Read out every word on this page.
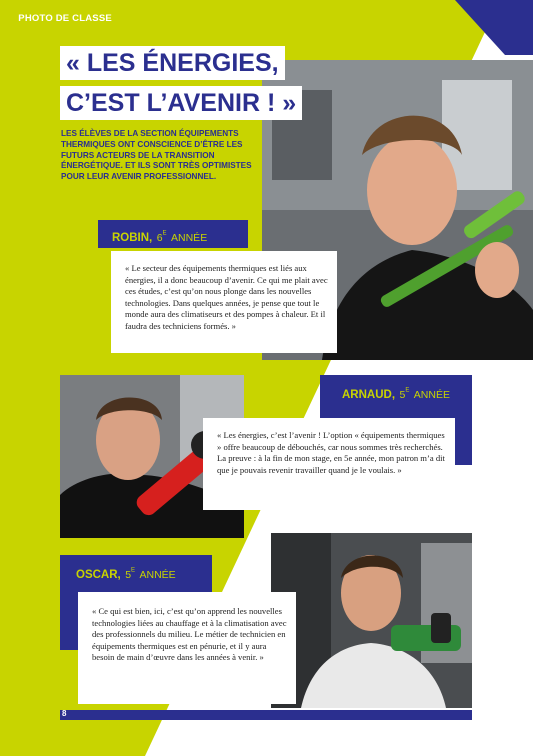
» PHOTO DE CLASSE
« LES ÉNERGIES,
C’EST L’AVENIR ! »
LES ÉLÈVES DE LA SECTION ÉQUIPEMENTS THERMIQUES ONT CONSCIENCE D’ÊTRE LES FUTURS ACTEURS DE LA TRANSITION ÉNERGÉTIQUE. ET ILS SONT TRÈS OPTIMISTES POUR LEUR AVENIR PROFESSIONNEL.
ROBIN, $6^E$ ANNÉE
« Le secteur des équipements thermiques est liés aux énergies, il a donc beaucoup d’avenir. Ce qui me plait avec ces études, c’est qu’on nous plonge dans les nouvelles technologies. Dans quelques années, je pense que tout le monde aura des climatiseurs et des pompes à chaleur. Et il faudra des techniciens formés. »
ARNAUD, $5^E$ ANNÉE
« Les énergies, c’est l’avenir ! L’option « équipements thermiques » offre beaucoup de débouchés, car nous sommes très recherchés. La preuve : à la fin de mon stage, en 5e année, mon patron m’a dit que je pouvais revenir travailler quand je le voulais. »
OSCAR, $5^E$ ANNÉE
« Ce qui est bien, ici, c’est qu’on apprend les nouvelles technologies liées au chauffage et à la climatisation avec des professionnels du milieu. Le métier de technicien en équipements thermiques est en pénurie, et il y aura besoin de main d’œuvre dans les années à venir. »
8
